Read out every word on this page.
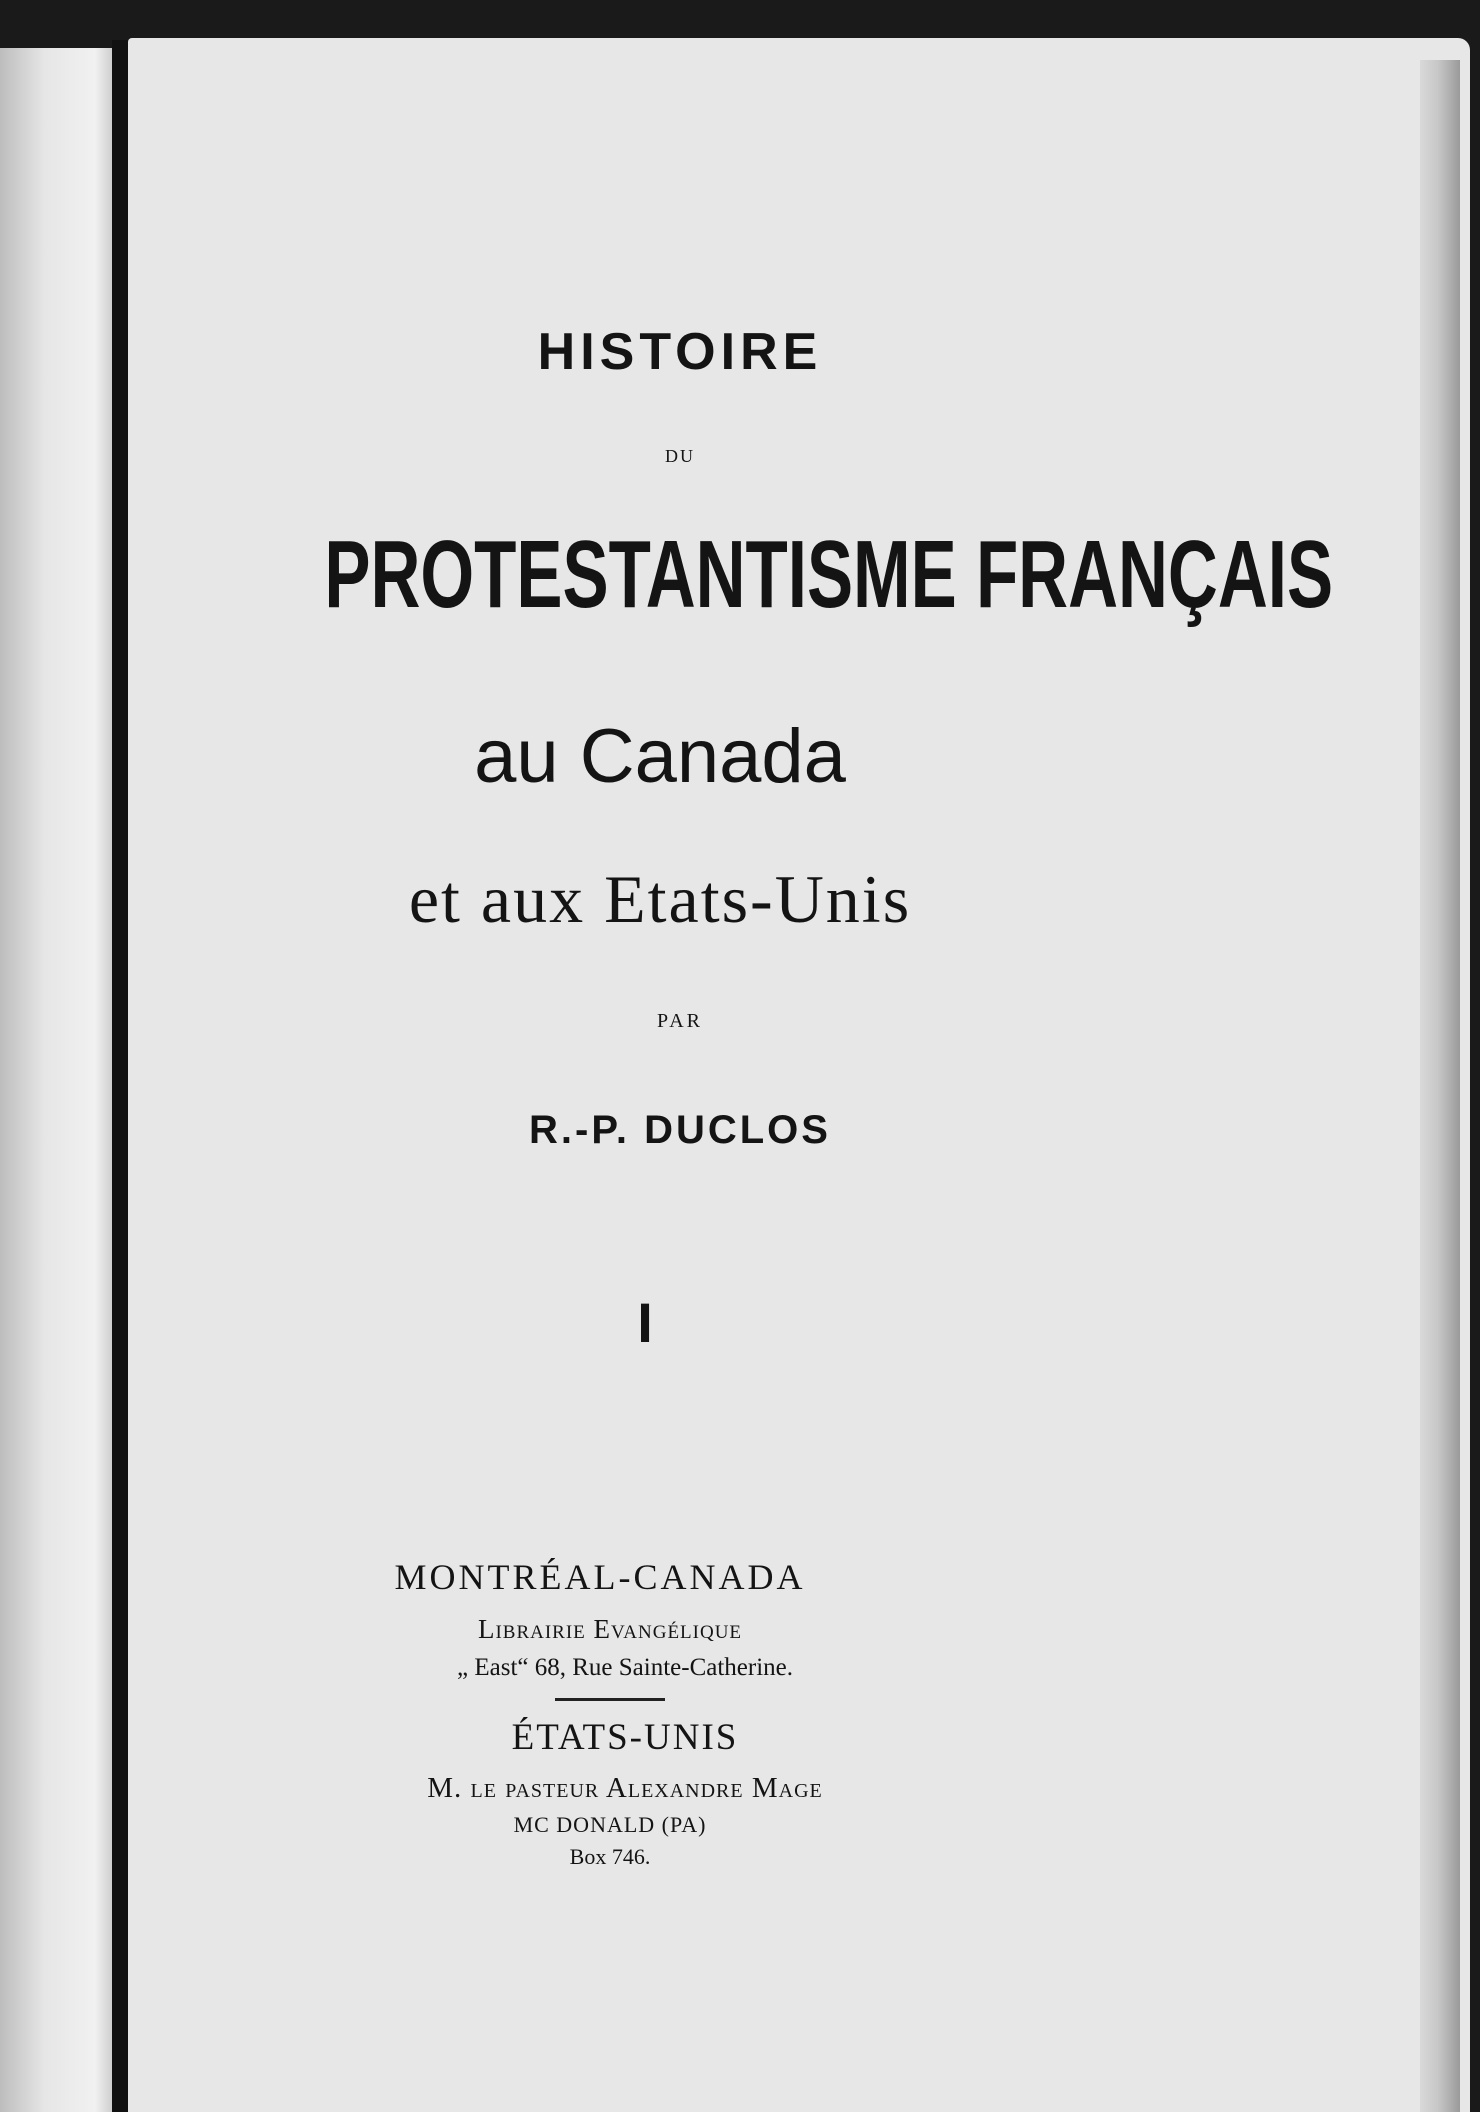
HISTOIRE
DU
PROTESTANTISME FRANÇAIS
au Canada
et aux Etats-Unis
PAR
R.-P. DUCLOS
I
MONTRÉAL-CANADA
Librairie Evangélique
„ East“ 68, Rue Sainte-Catherine.
ÉTATS-UNIS
M. le pasteur Alexandre Mage
MC DONALD (PA)
Box 746.
